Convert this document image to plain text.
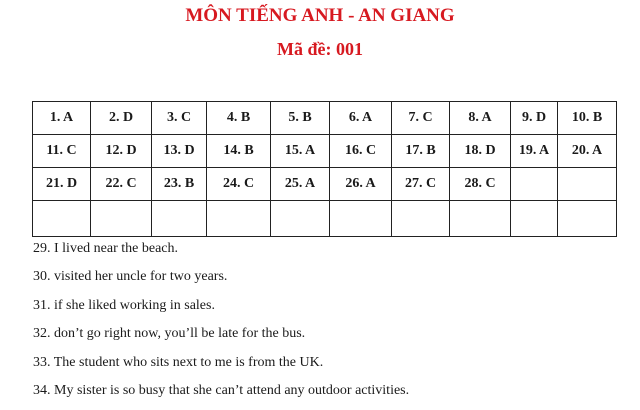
MÔN TIẾNG ANH - AN GIANG
Mã đề: 001
1. A	2. D	3. C	4. B	5. B	6. A	7. C	8. A	9. D	10. B
11. C	12. D	13. D	14. B	15. A	16. C	17. B	18. D	19. A	20. A
21. D	22. C	23. B	24. C	25. A	26. A	27. C	28. C		

29. I lived near the beach.
30. visited her uncle for two years.
31. if she liked working in sales.
32. don’t go right now, you’ll be late for the bus.
33. The student who sits next to me is from the UK.
34. My sister is so busy that she can’t attend any outdoor activities.
